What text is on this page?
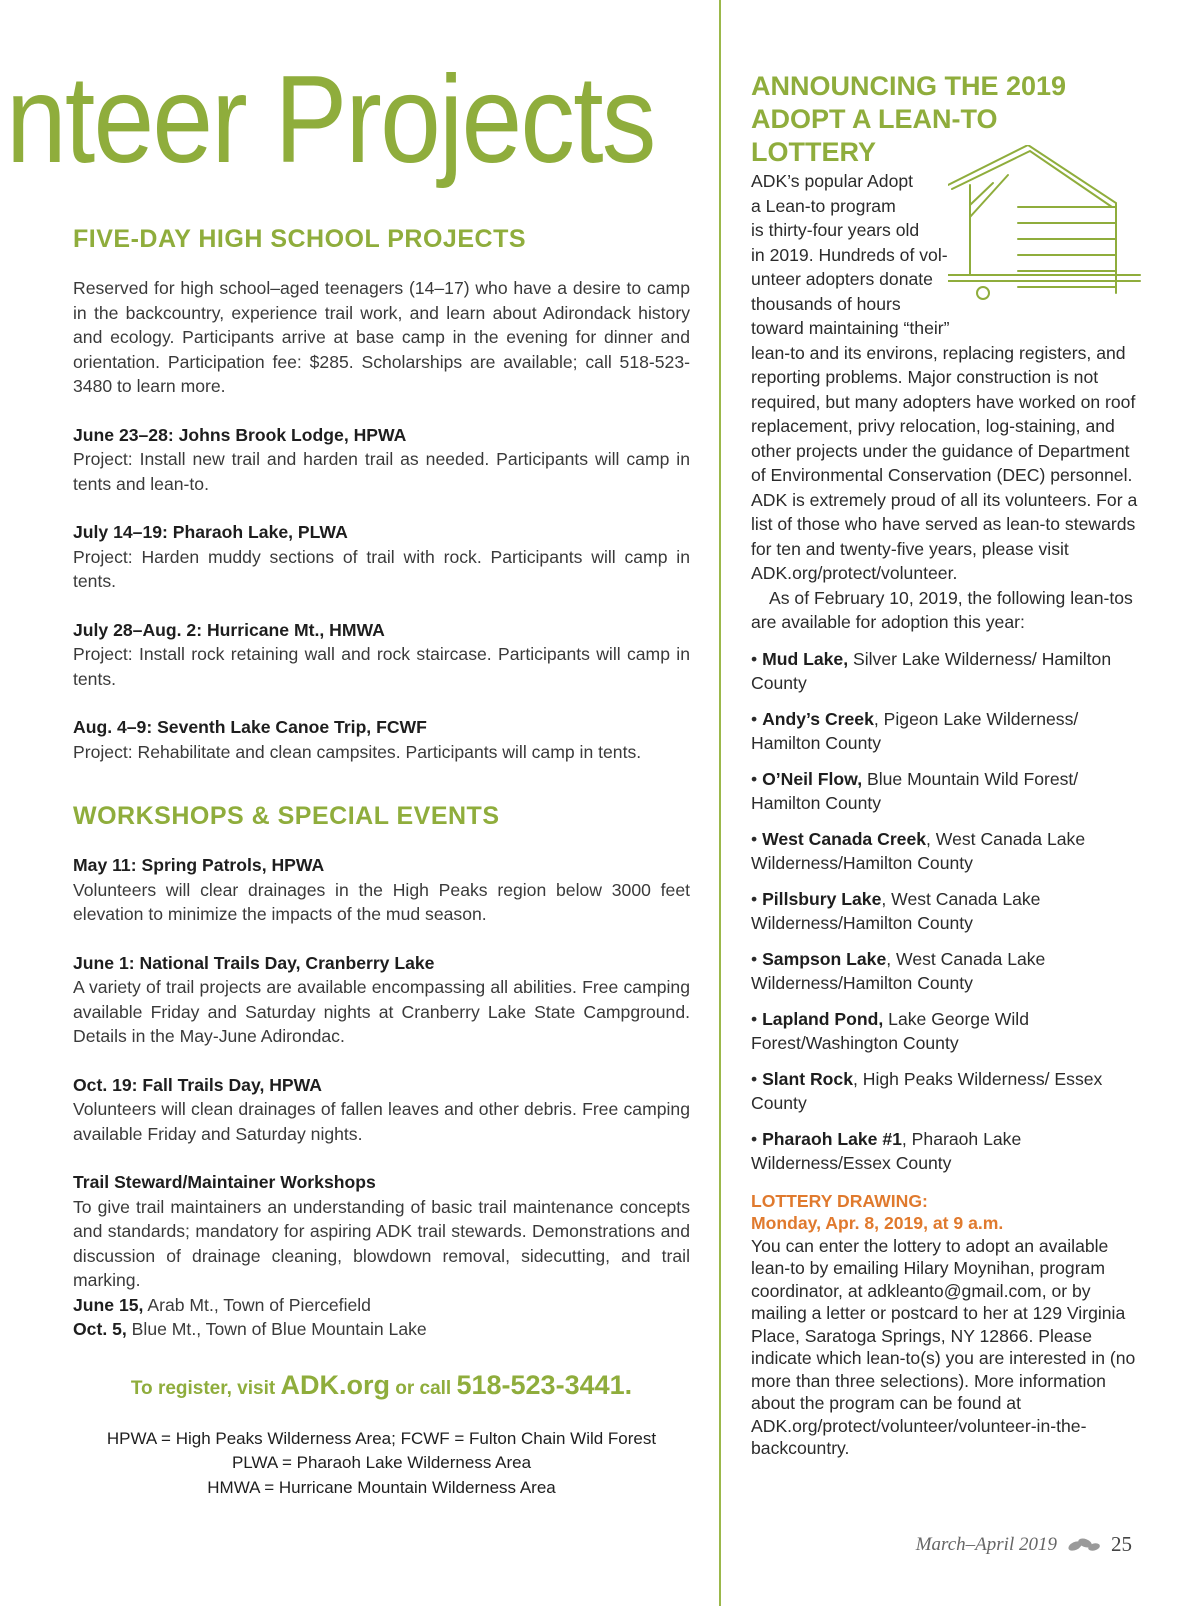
nteer Projects
FIVE-DAY HIGH SCHOOL PROJECTS

Reserved for high school–aged teenagers (14–17) who have a desire to camp in the backcountry, experience trail work, and learn about Adirondack history and ecology. Participants arrive at base camp in the evening for dinner and orientation. Participation fee: $285. Scholarships are available; call 518-523-3480 to learn more.

June 23–28: Johns Brook Lodge, HPWA
Project: Install new trail and harden trail as needed. Participants will camp in tents and lean-to.
July 14–19: Pharaoh Lake, PLWA
Project: Harden muddy sections of trail with rock. Participants will camp in tents.
July 28–Aug. 2: Hurricane Mt., HMWA
Project: Install rock retaining wall and rock staircase. Participants will camp in tents.
Aug. 4–9: Seventh Lake Canoe Trip, FCWF
Project: Rehabilitate and clean campsites. Participants will camp in tents.
WORKSHOPS & SPECIAL EVENTS
May 11: Spring Patrols, HPWA
Volunteers will clear drainages in the High Peaks region below 3000 feet elevation to minimize the impacts of the mud season.
June 1: National Trails Day, Cranberry Lake
A variety of trail projects are available encompassing all abilities. Free camping available Friday and Saturday nights at Cranberry Lake State Campground. Details in the May-June Adirondac.
Oct. 19: Fall Trails Day, HPWA
Volunteers will clean drainages of fallen leaves and other debris. Free camping available Friday and Saturday nights.
Trail Steward/Maintainer Workshops
To give trail maintainers an understanding of basic trail maintenance concepts and standards; mandatory for aspiring ADK trail stewards. Demonstrations and discussion of drainage cleaning, blowdown removal, sidecutting, and trail marking.
June 15, Arab Mt., Town of Piercefield
Oct. 5, Blue Mt., Town of Blue Mountain Lake
To register, visit ADK.org or call 518-523-3441.
HPWA = High Peaks Wilderness Area; FCWF = Fulton Chain Wild Forest
PLWA = Pharaoh Lake Wilderness Area
HMWA = Hurricane Mountain Wilderness Area
ANNOUNCING THE 2019
ADOPT A LEAN-TO
LOTTERY
ADK’s popular Adopt
a Lean-to program
is thirty-four years old
in 2019. Hundreds of vol-
unteer adopters donate
thousands of hours
toward maintaining “their”

lean-to and its environs, replacing registers, and reporting problems. Major construction is not required, but many adopters have worked on roof replacement, privy relocation, log-staining, and other projects under the guidance of Department of Environmental Conservation (DEC) personnel. ADK is extremely proud of all its volunteers. For a list of those who have served as lean-to stewards for ten and twenty-five years, please visit ADK.org/protect/volunteer.

As of February 10, 2019, the following lean-tos are available for adoption this year:

• Mud Lake, Silver Lake Wilderness/ Hamilton County
• Andy’s Creek, Pigeon Lake Wilderness/ Hamilton County
• O’Neil Flow, Blue Mountain Wild Forest/ Hamilton County
• West Canada Creek, West Canada Lake Wilderness/Hamilton County
• Pillsbury Lake, West Canada Lake Wilderness/Hamilton County
• Sampson Lake, West Canada Lake Wilderness/Hamilton County
• Lapland Pond, Lake George Wild Forest/Washington County
• Slant Rock, High Peaks Wilderness/ Essex County
• Pharaoh Lake #1, Pharaoh Lake Wilderness/Essex County
LOTTERY DRAWING:
Monday, Apr. 8, 2019, at 9 a.m.

You can enter the lottery to adopt an available lean-to by emailing Hilary Moynihan, program coordinator, at adkleanto@gmail.com, or by mailing a letter or postcard to her at 129 Virginia Place, Saratoga Springs, NY 12866. Please indicate which lean-to(s) you are interested in (no more than three selections). More information about the program can be found at ADK.org/protect/volunteer/volunteer-in-the-backcountry.

March–April 2019	25
